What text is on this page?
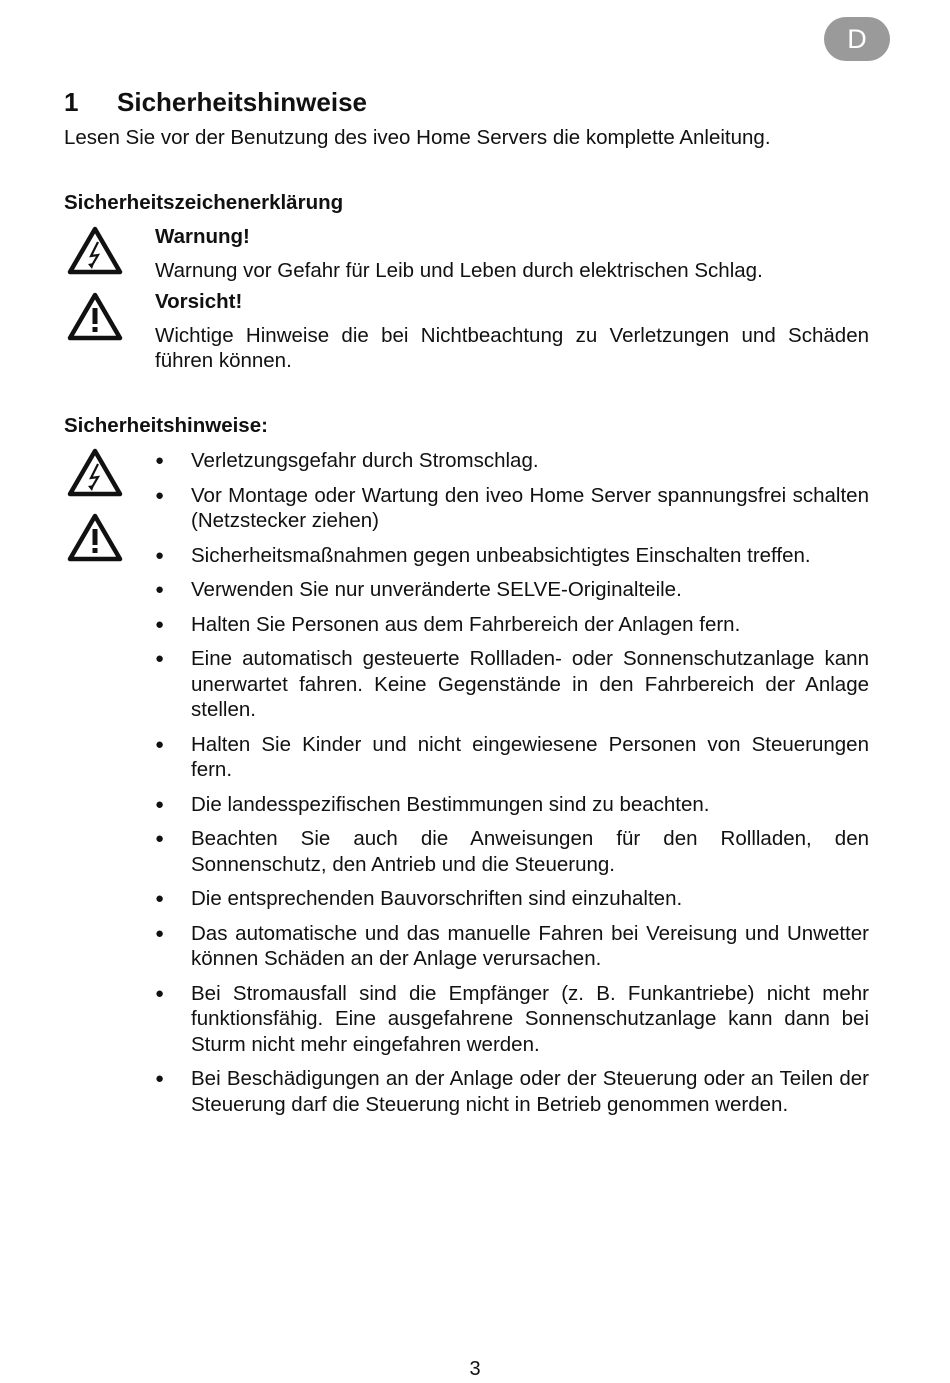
D
1 Sicherheitshinweise
Lesen Sie vor der Benutzung des iveo Home Servers die komplette Anleitung.
Sicherheitszeichenerklärung
Warnung!
Warnung vor Gefahr für Leib und Leben durch elektrischen Schlag.
Vorsicht!
Wichtige Hinweise die bei Nichtbeachtung zu Verletzungen und Schäden führen können.
Sicherheitshinweise:
● Verletzungsgefahr durch Stromschlag.
● Vor Montage oder Wartung den iveo Home Server spannungsfrei schalten (Netzstecker ziehen)
● Sicherheitsmaßnahmen gegen unbeabsichtigtes Einschalten treffen.
● Verwenden Sie nur unveränderte SELVE-Originalteile.
● Halten Sie Personen aus dem Fahrbereich der Anlagen fern.
● Eine automatisch gesteuerte Rollladen- oder Sonnenschutzanlage kann unerwartet fahren. Keine Gegenstände in den Fahrbereich der Anlage stellen.
● Halten Sie Kinder und nicht eingewiesene Personen von Steuerungen fern.
● Die landesspezifischen Bestimmungen sind zu beachten.
● Beachten Sie auch die Anweisungen für den Rollladen, den Sonnenschutz, den Antrieb und die Steuerung.
● Die entsprechenden Bauvorschriften sind einzuhalten.
● Das automatische und das manuelle Fahren bei Vereisung und Unwetter können Schäden an der Anlage verursachen.
● Bei Stromausfall sind die Empfänger (z. B. Funkantriebe) nicht mehr funktionsfähig. Eine ausgefahrene Sonnenschutzanlage kann dann bei Sturm nicht mehr eingefahren werden.
● Bei Beschädigungen an der Anlage oder der Steuerung oder an Teilen der Steuerung darf die Steuerung nicht in Betrieb genommen werden.
3
